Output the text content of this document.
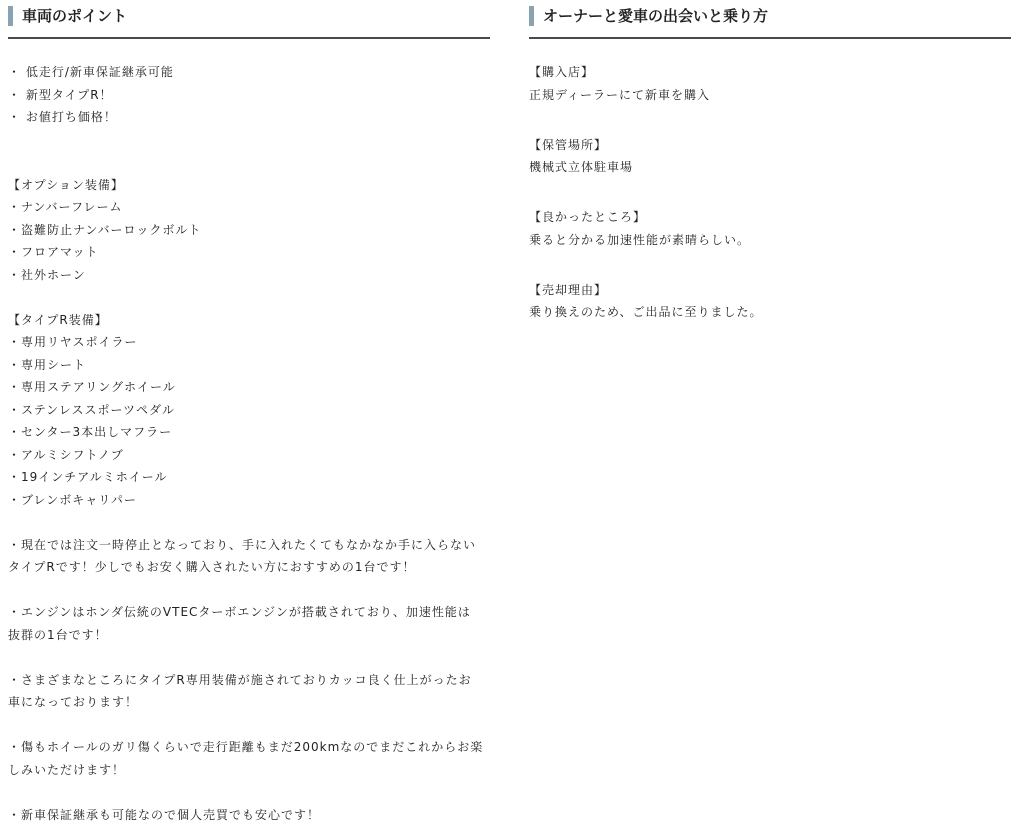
車両のポイント
・ 低走行/新車保証継承可能
・ 新型タイプR！
・ お値打ち価格！
【オプション装備】
・ナンバーフレーム
・盗難防止ナンバーロックボルト
・フロアマット
・社外ホーン
【タイプR装備】
・専用リヤスポイラー
・専用シート
・専用ステアリングホイール
・ステンレススポーツペダル
・センター3本出しマフラー
・アルミシフトノブ
・19インチアルミホイール
・ブレンボキャリパー
・現在では注文一時停止となっており、手に入れたくてもなかなか手に入らない
タイプRです！少しでもお安く購入されたい方におすすめの1台です！
・エンジンはホンダ伝統のVTECターボエンジンが搭載されており、加速性能は
抜群の1台です！
・さまざまなところにタイプR専用装備が施されておりカッコ良く仕上がったお
車になっております！
・傷もホイールのガリ傷くらいで走行距離もまだ200kmなのでまだこれからお楽
しみいただけます！
・新車保証継承も可能なので個人売買でも安心です！
オーナーと愛車の出会いと乗り方
【購入店】
正規ディーラーにて新車を購入
【保管場所】
機械式立体駐車場
【良かったところ】
乗ると分かる加速性能が素晴らしい。
【売却理由】
乗り換えのため、ご出品に至りました。
